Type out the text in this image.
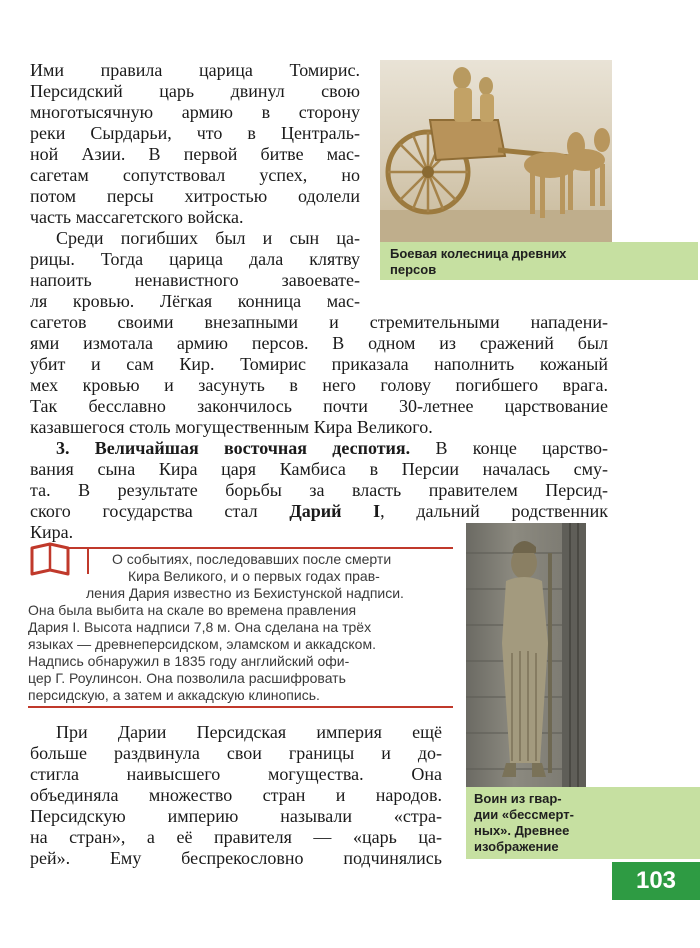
Ими правила царица Томирис.
Персидский царь двинул свою
многотысячную армию в сторону
реки Сырдарьи, что в Централь-
ной Азии. В первой битве мас-
сагетам сопутствовал успех, но
потом персы хитростью одолели
часть массагетского войска.
Среди погибших был и сын ца-
рицы. Тогда царица дала клятву
напоить ненавистного завоевате-
ля кровью. Лёгкая конница мас-
Боевая колесница древних
персов
сагетов своими внезапными и стремительными нападени-
ями измотала армию персов. В одном из сражений был
убит и сам Кир. Томирис приказала наполнить кожаный
мех кровью и засунуть в него голову погибшего врага.
Так бесславно закончилось почти 30-летнее царствование
казавшегося столь могущественным Кира Великого.
3. Величайшая восточная деспотия. В конце царство-
вания сына Кира царя Камбиса в Персии началась сму-
та. В результате борьбы за власть правителем Персид-
ского государства стал Дарий I, дальний родственник
Кира.
О событиях, последовавших после смерти
Кира Великого, и о первых годах прав-
ления Дария известно из Бехистунской надписи.
Она была выбита на скале во времена правления
Дария I. Высота надписи 7,8 м. Она сделана на трёх
языках — древнеперсидском, эламском и аккадском.
Надпись обнаружил в 1835 году английский офи-
цер Г. Роулинсон. Она позволила расшифровать
персидскую, а затем и аккадскую клинопись.
Воин из гвар-
дии «бессмерт-
ных». Древнее
изображение
При Дарии Персидская империя ещё
больше раздвинула свои границы и до-
стигла наивысшего могущества. Она
объединяла множество стран и народов.
Персидскую империю называли «стра-
на стран», а её правителя — «царь ца-
рей». Ему беспрекословно подчинялись
103
